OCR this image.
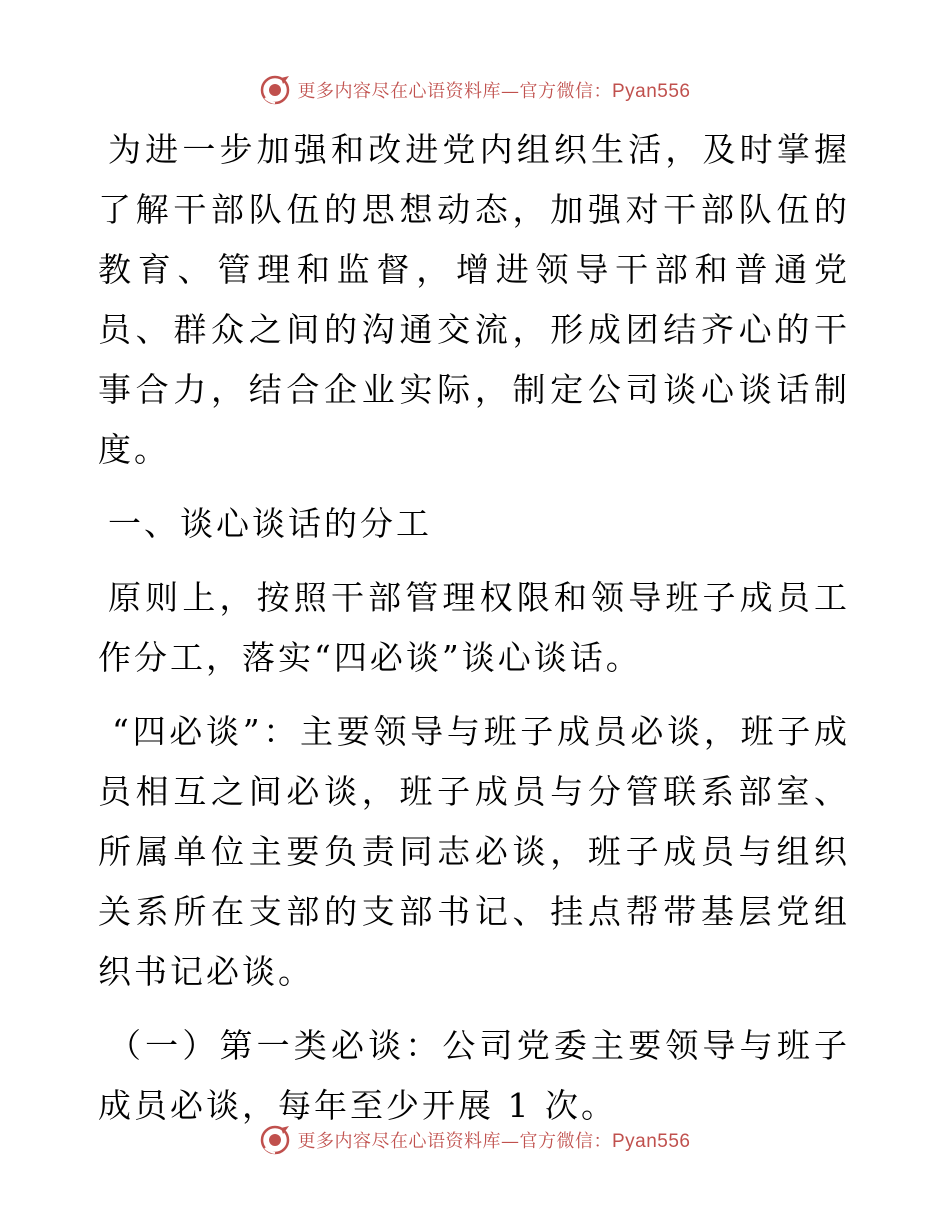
更多内容尽在心语资料库—官方微信：Pyan556

为进一步加强和改进党内组织生活，及时掌握了解干部队伍的思想动态，加强对干部队伍的教育、管理和监督，增进领导干部和普通党员、群众之间的沟通交流，形成团结齐心的干事合力，结合企业实际，制定公司谈心谈话制度。

一、谈心谈话的分工

原则上，按照干部管理权限和领导班子成员工作分工，落实“四必谈”谈心谈话。

“四必谈”：主要领导与班子成员必谈，班子成员相互之间必谈，班子成员与分管联系部室、所属单位主要负责同志必谈，班子成员与组织关系所在支部的支部书记、挂点帮带基层党组织书记必谈。

（一）第一类必谈：公司党委主要领导与班子成员必谈，每年至少开展 1 次。

更多内容尽在心语资料库—官方微信：Pyan556
